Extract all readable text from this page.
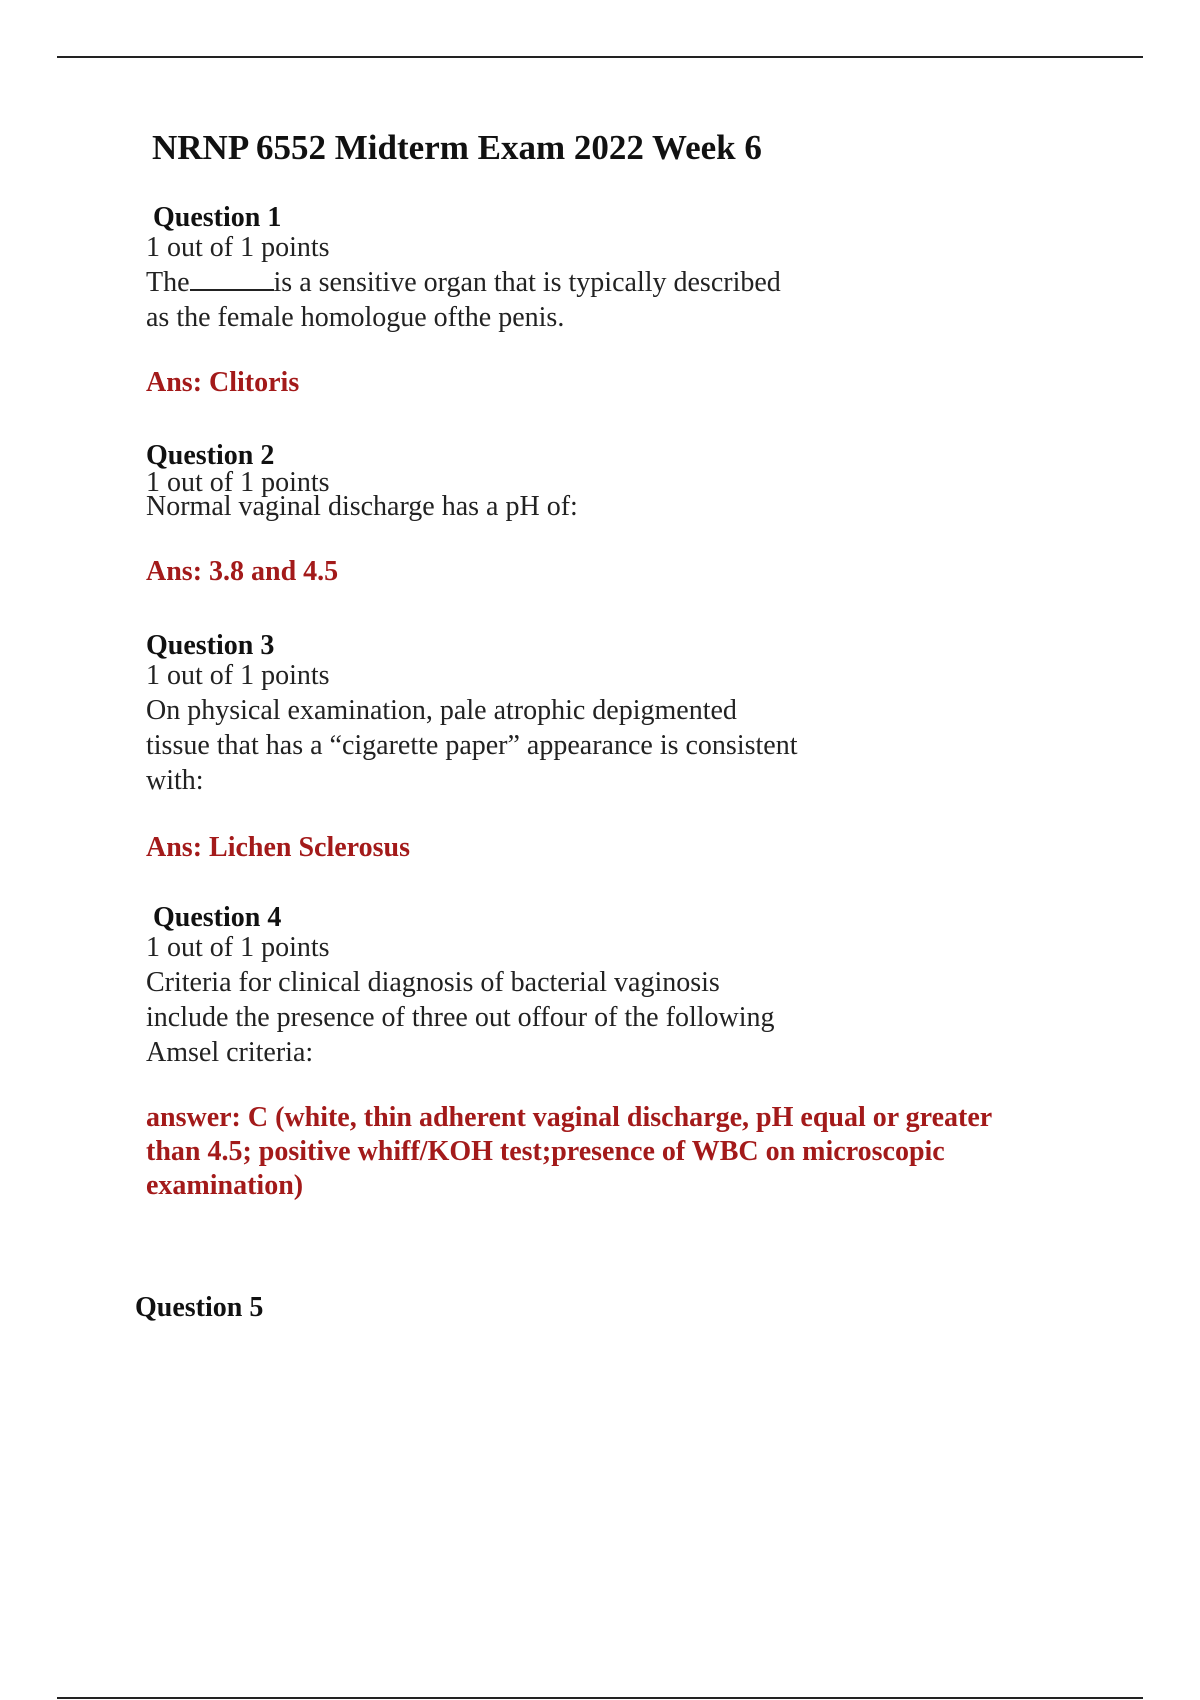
NRNP 6552 Midterm Exam 2022 Week 6
Question 1
1 out of 1 points
The	is a sensitive organ that is typically described
as the female homologue ofthe penis.
Ans: Clitoris
Question 2
1 out of 1 points
Normal vaginal discharge has a pH of:
Ans: 3.8 and 4.5
Question 3
1 out of 1 points
On physical examination, pale atrophic depigmented
tissue that has a “cigarette paper” appearance is consistent
with:
Ans: Lichen Sclerosus
Question 4
1 out of 1 points
Criteria for clinical diagnosis of bacterial vaginosis
include the presence of three out offour of the following
Amsel criteria:
answer: C (white, thin adherent vaginal discharge, pH equal or greater
than 4.5; positive whiff/KOH test;presence of WBC on microscopic
examination)
Question 5
